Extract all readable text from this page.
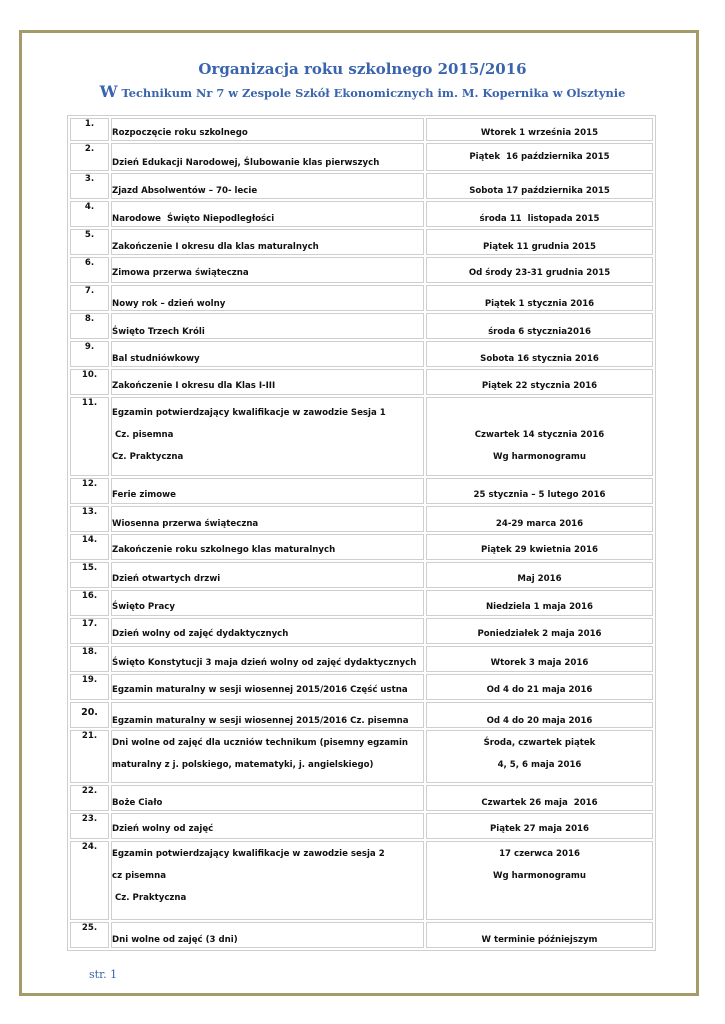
Organizacja roku szkolnego 2015/2016
W Technikum Nr 7 w Zespole Szkół Ekonomicznych im. M. Kopernika w Olsztynie
1.	Rozpoczęcie roku szkolnego	Wtorek 1 września 2015

2.	Dzień Edukacji Narodowej, Ślubowanie klas pierwszych	Piątek  16 października 2015

3.	Zjazd Absolwentów – 70- lecie	Sobota 17 października 2015

4.	Narodowe  Święto Niepodległości	środa 11  listopada 2015

5.	Zakończenie I okresu dla klas maturalnych	Piątek 11 grudnia 2015

6.	Zimowa przerwa świąteczna	Od środy 23-31 grudnia 2015

7.	Nowy rok – dzień wolny	Piątek 1 stycznia 2016

8.	Święto Trzech Króli	środa 6 stycznia2016

9.	Bal studniówkowy	Sobota 16 stycznia 2016

10.	Zakończenie I okresu dla Klas I-III	Piątek 22 stycznia 2016

11.	Egzamin potwierdzający kwalifikacje w zawodzie Sesja 1
Cz. pisemna
Cz. Praktyczna	Czwartek 14 stycznia 2016
Wg harmonogramu

12.	Ferie zimowe	25 stycznia – 5 lutego 2016

13.	Wiosenna przerwa świąteczna	24-29 marca 2016

14.	Zakończenie roku szkolnego klas maturalnych	Piątek 29 kwietnia 2016

15.	Dzień otwartych drzwi	Maj 2016

16.	Święto Pracy	Niedziela 1 maja 2016

17.	Dzień wolny od zajęć dydaktycznych	Poniedziałek 2 maja 2016

18.	Święto Konstytucji 3 maja dzień wolny od zajęć dydaktycznych	Wtorek 3 maja 2016

19.	Egzamin maturalny w sesji wiosennej 2015/2016 Część ustna	Od 4 do 21 maja 2016

20.	Egzamin maturalny w sesji wiosennej 2015/2016 Cz. pisemna	Od 4 do 20 maja 2016

21.	Dni wolne od zajęć dla uczniów technikum (pisemny egzamin
maturalny z j. polskiego, matematyki, j. angielskiego)	Środa, czwartek piątek
4, 5, 6 maja 2016

22.	Boże Ciało	Czwartek 26 maja  2016

23.	Dzień wolny od zajęć	Piątek 27 maja 2016

24.	Egzamin potwierdzający kwalifikacje w zawodzie sesja 2
cz pisemna
Cz. Praktyczna	17 czerwca 2016
Wg harmonogramu

25.	Dni wolne od zajęć (3 dni)	W terminie późniejszym
str. 1
